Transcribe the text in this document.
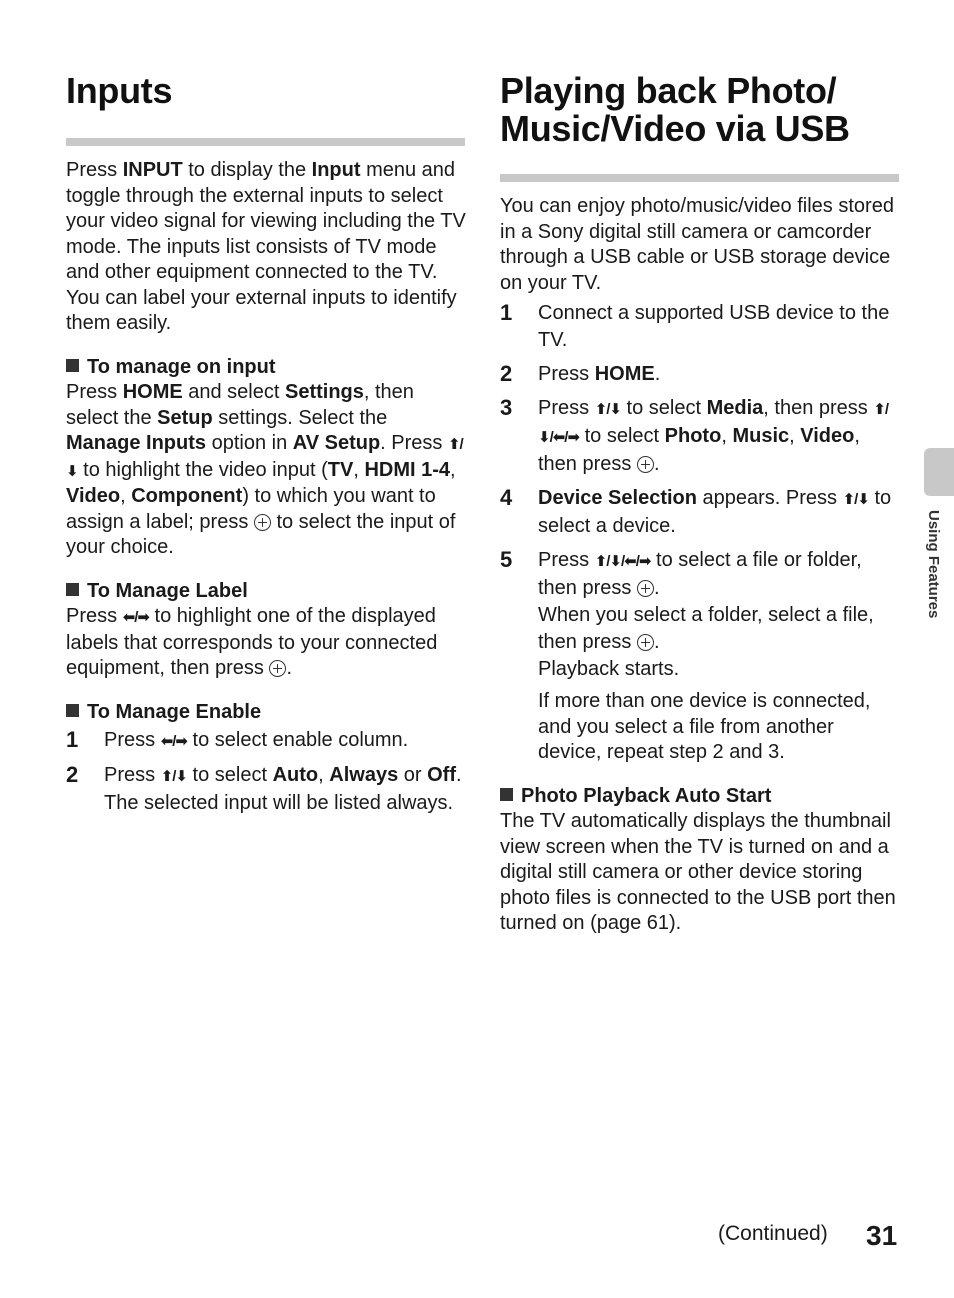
Inputs

Press INPUT to display the Input menu and toggle through the external inputs to select your video signal for viewing including the TV mode. The inputs list consists of TV mode and other equipment connected to the TV.

You can label your external inputs to identify them easily.

To manage on input

Press HOME and select Settings, then select the Setup settings. Select the Manage Inputs option in AV Setup. Press ⬆/⬇ to highlight the video input (TV, HDMI 1-4, Video, Component) to which you want to assign a label; press  to select the input of your choice.

To Manage Label

Press ⬅/➡ to highlight one of the displayed labels that corresponds to your connected equipment, then press .

To Manage Enable

1 Press ⬅/➡ to select enable column.
2 Press ⬆/⬇ to select Auto, Always or Off. The selected input will be listed always.
Playing back Photo/ Music/Video via USB

You can enjoy photo/music/video files stored in a Sony digital still camera or camcorder through a USB cable or USB storage device on your TV.

1 Connect a supported USB device to the TV.
2 Press HOME.
3 Press ⬆/⬇ to select Media, then press ⬆/⬇/⬅/➡ to select Photo, Music, Video, then press .
4 Device Selection appears. Press ⬆/⬇ to select a device.
5 Press ⬆/⬇/⬅/➡ to select a file or folder, then press .
When you select a folder, select a file, then press .
Playback starts.

If more than one device is connected, and you select a file from another device, repeat step 2 and 3.

Photo Playback Auto Start

The TV automatically displays the thumbnail view screen when the TV is turned on and a digital still camera or other device storing photo files is connected to the USB port then turned on (page 61).

Using Features
(Continued) 31
